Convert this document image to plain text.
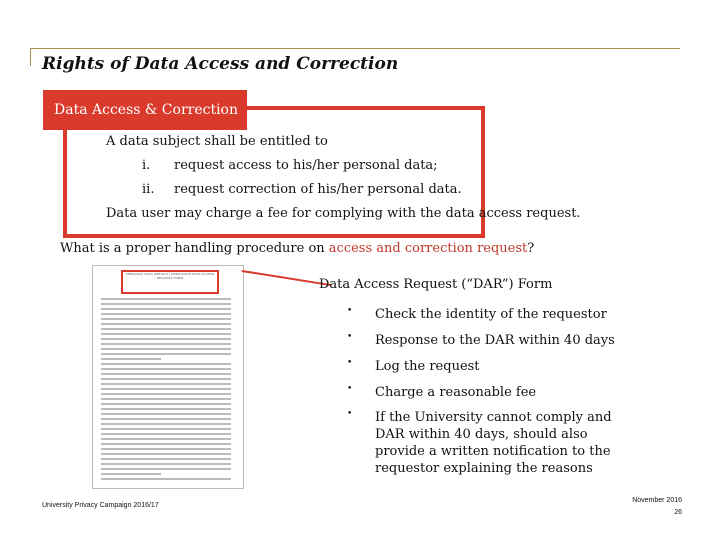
Rights of Data Access and Correction
Data Access & Correction
A data subject shall be entitled to
i. request access to his/her personal data;
ii. request correction of his/her personal data.
Data user may charge a fee for complying with the data access request.
What is a proper handling procedure on access and correction request?
PERSONAL DATA (PRIVACY) ORDINANCE DATA ACCESS REQUEST FORM	Data Access Request (“DAR”) Form
• Check the identity of the requestor
• Response to the DAR within 40 days
• Log the request
• Charge a reasonable fee
• If the University cannot comply and DAR within 40 days, should also provide a written notification to the requestor explaining the reasons
University Privacy Campaign 2016/17
November 2016
26
